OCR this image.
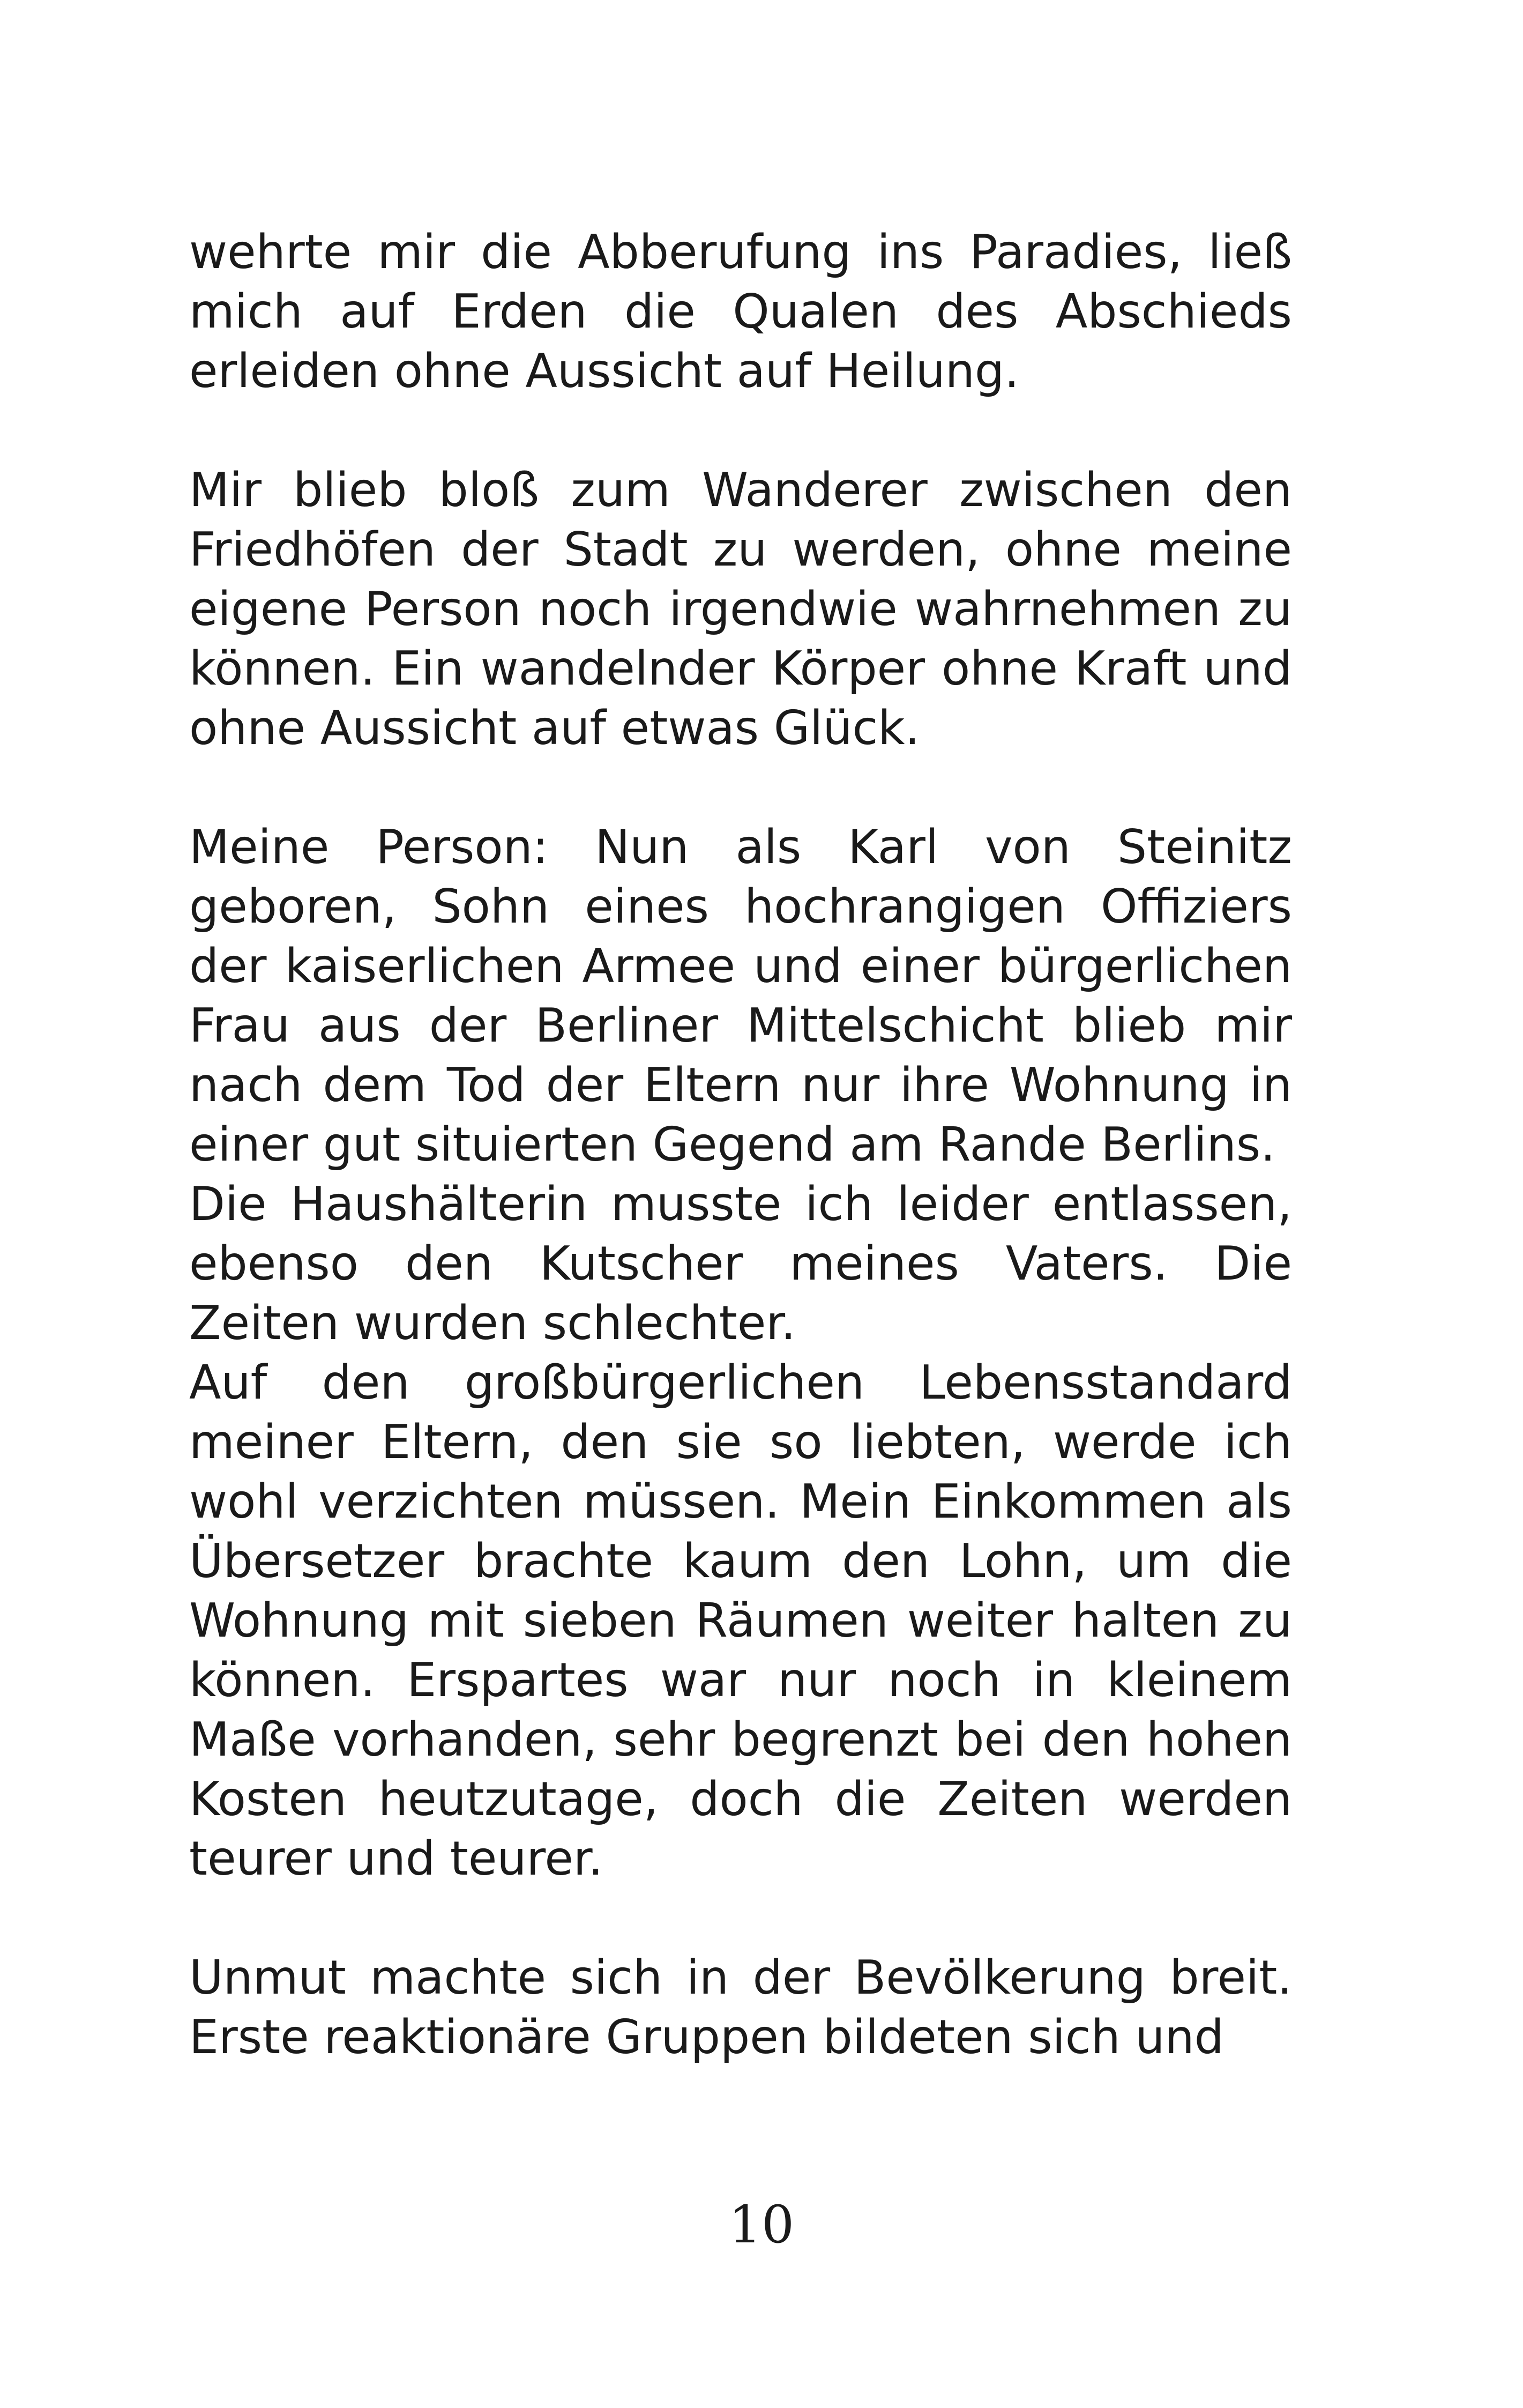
wehrte mir die Abberufung ins Paradies, ließ mich auf Erden die Qualen des Abschieds erleiden ohne Aussicht auf Heilung.

Mir blieb bloß zum Wanderer zwischen den Friedhöfen der Stadt zu werden, ohne meine eigene Person noch irgendwie wahrnehmen zu können. Ein wandelnder Körper ohne Kraft und ohne Aussicht auf etwas Glück.

Meine Person: Nun als Karl von Steinitz geboren, Sohn eines hochrangigen Offiziers der kaiserlichen Armee und einer bürgerlichen Frau aus der Berliner Mittelschicht blieb mir nach dem Tod der Eltern nur ihre Wohnung in einer gut situierten Gegend am Rande Berlins.

Die Haushälterin musste ich leider entlassen, ebenso den Kutscher meines Vaters. Die Zeiten wurden schlechter.

Auf den großbürgerlichen Lebensstandard meiner Eltern, den sie so liebten, werde ich wohl verzichten müssen. Mein Einkommen als Übersetzer brachte kaum den Lohn, um die Wohnung mit sieben Räumen weiter halten zu können. Erspartes war nur noch in kleinem Maße vorhanden, sehr begrenzt bei den hohen Kosten heutzutage, doch die Zeiten werden teurer und teurer.

Unmut machte sich in der Bevölkerung breit. Erste reaktionäre Gruppen bildeten sich und

10
